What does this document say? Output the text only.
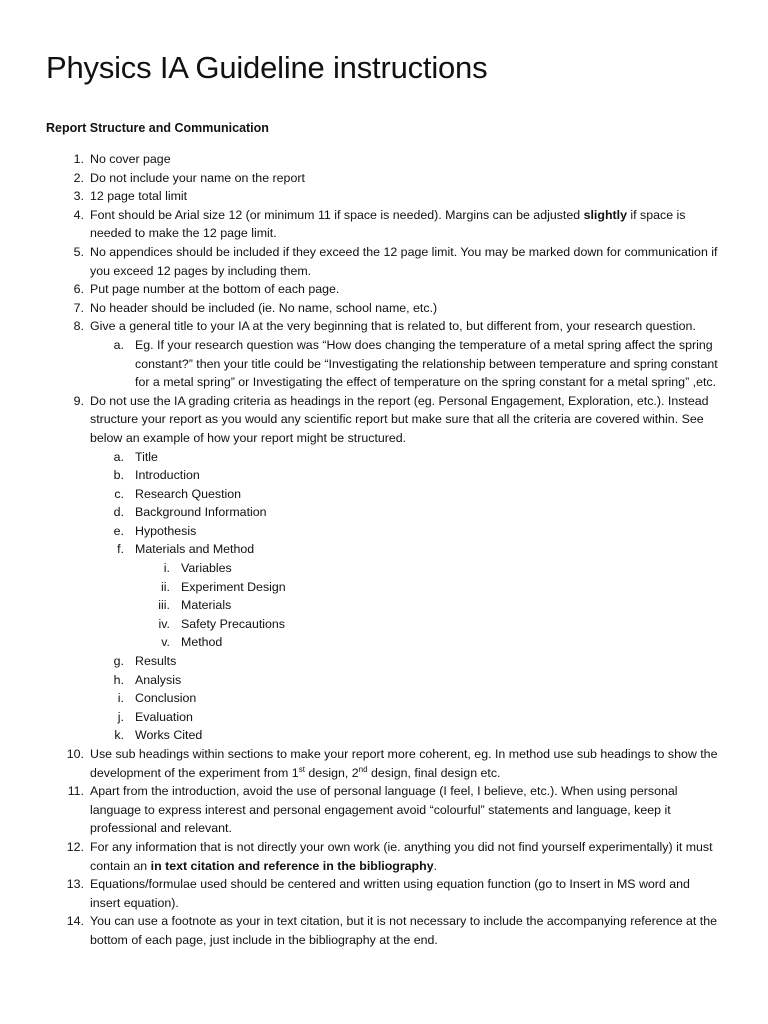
Physics IA Guideline instructions
Report Structure and Communication
1. No cover page
2. Do not include your name on the report
3. 12 page total limit
4. Font should be Arial size 12 (or minimum 11 if space is needed). Margins can be adjusted slightly if space is needed to make the 12 page limit.
5. No appendices should be included if they exceed the 12 page limit. You may be marked down for communication if you exceed 12 pages by including them.
6. Put page number at the bottom of each page.
7. No header should be included (ie. No name, school name, etc.)
8. Give a general title to your IA at the very beginning that is related to, but different from, your research question.
a. Eg. If your research question was “How does changing the temperature of a metal spring affect the spring constant?” then your title could be “Investigating the relationship between temperature and spring constant for a metal spring” or Investigating the effect of temperature on the spring constant for a metal spring” ,etc.
9. Do not use the IA grading criteria as headings in the report (eg. Personal Engagement, Exploration, etc.). Instead structure your report as you would any scientific report but make sure that all the criteria are covered within. See below an example of how your report might be structured.
a. Title
b. Introduction
c. Research Question
d. Background Information
e. Hypothesis
f. Materials and Method
i. Variables
ii. Experiment Design
iii. Materials
iv. Safety Precautions
v. Method
g. Results
h. Analysis
i. Conclusion
j. Evaluation
k. Works Cited
10. Use sub headings within sections to make your report more coherent, eg. In method use sub headings to show the development of the experiment from 1st design, 2nd design, final design etc.
11. Apart from the introduction, avoid the use of personal language (I feel, I believe, etc.). When using personal language to express interest and personal engagement avoid “colourful” statements and language, keep it professional and relevant.
12. For any information that is not directly your own work (ie. anything you did not find yourself experimentally) it must contain an in text citation and reference in the bibliography.
13. Equations/formulae used should be centered and written using equation function (go to Insert in MS word and insert equation).
14. You can use a footnote as your in text citation, but it is not necessary to include the accompanying reference at the bottom of each page, just include in the bibliography at the end.
